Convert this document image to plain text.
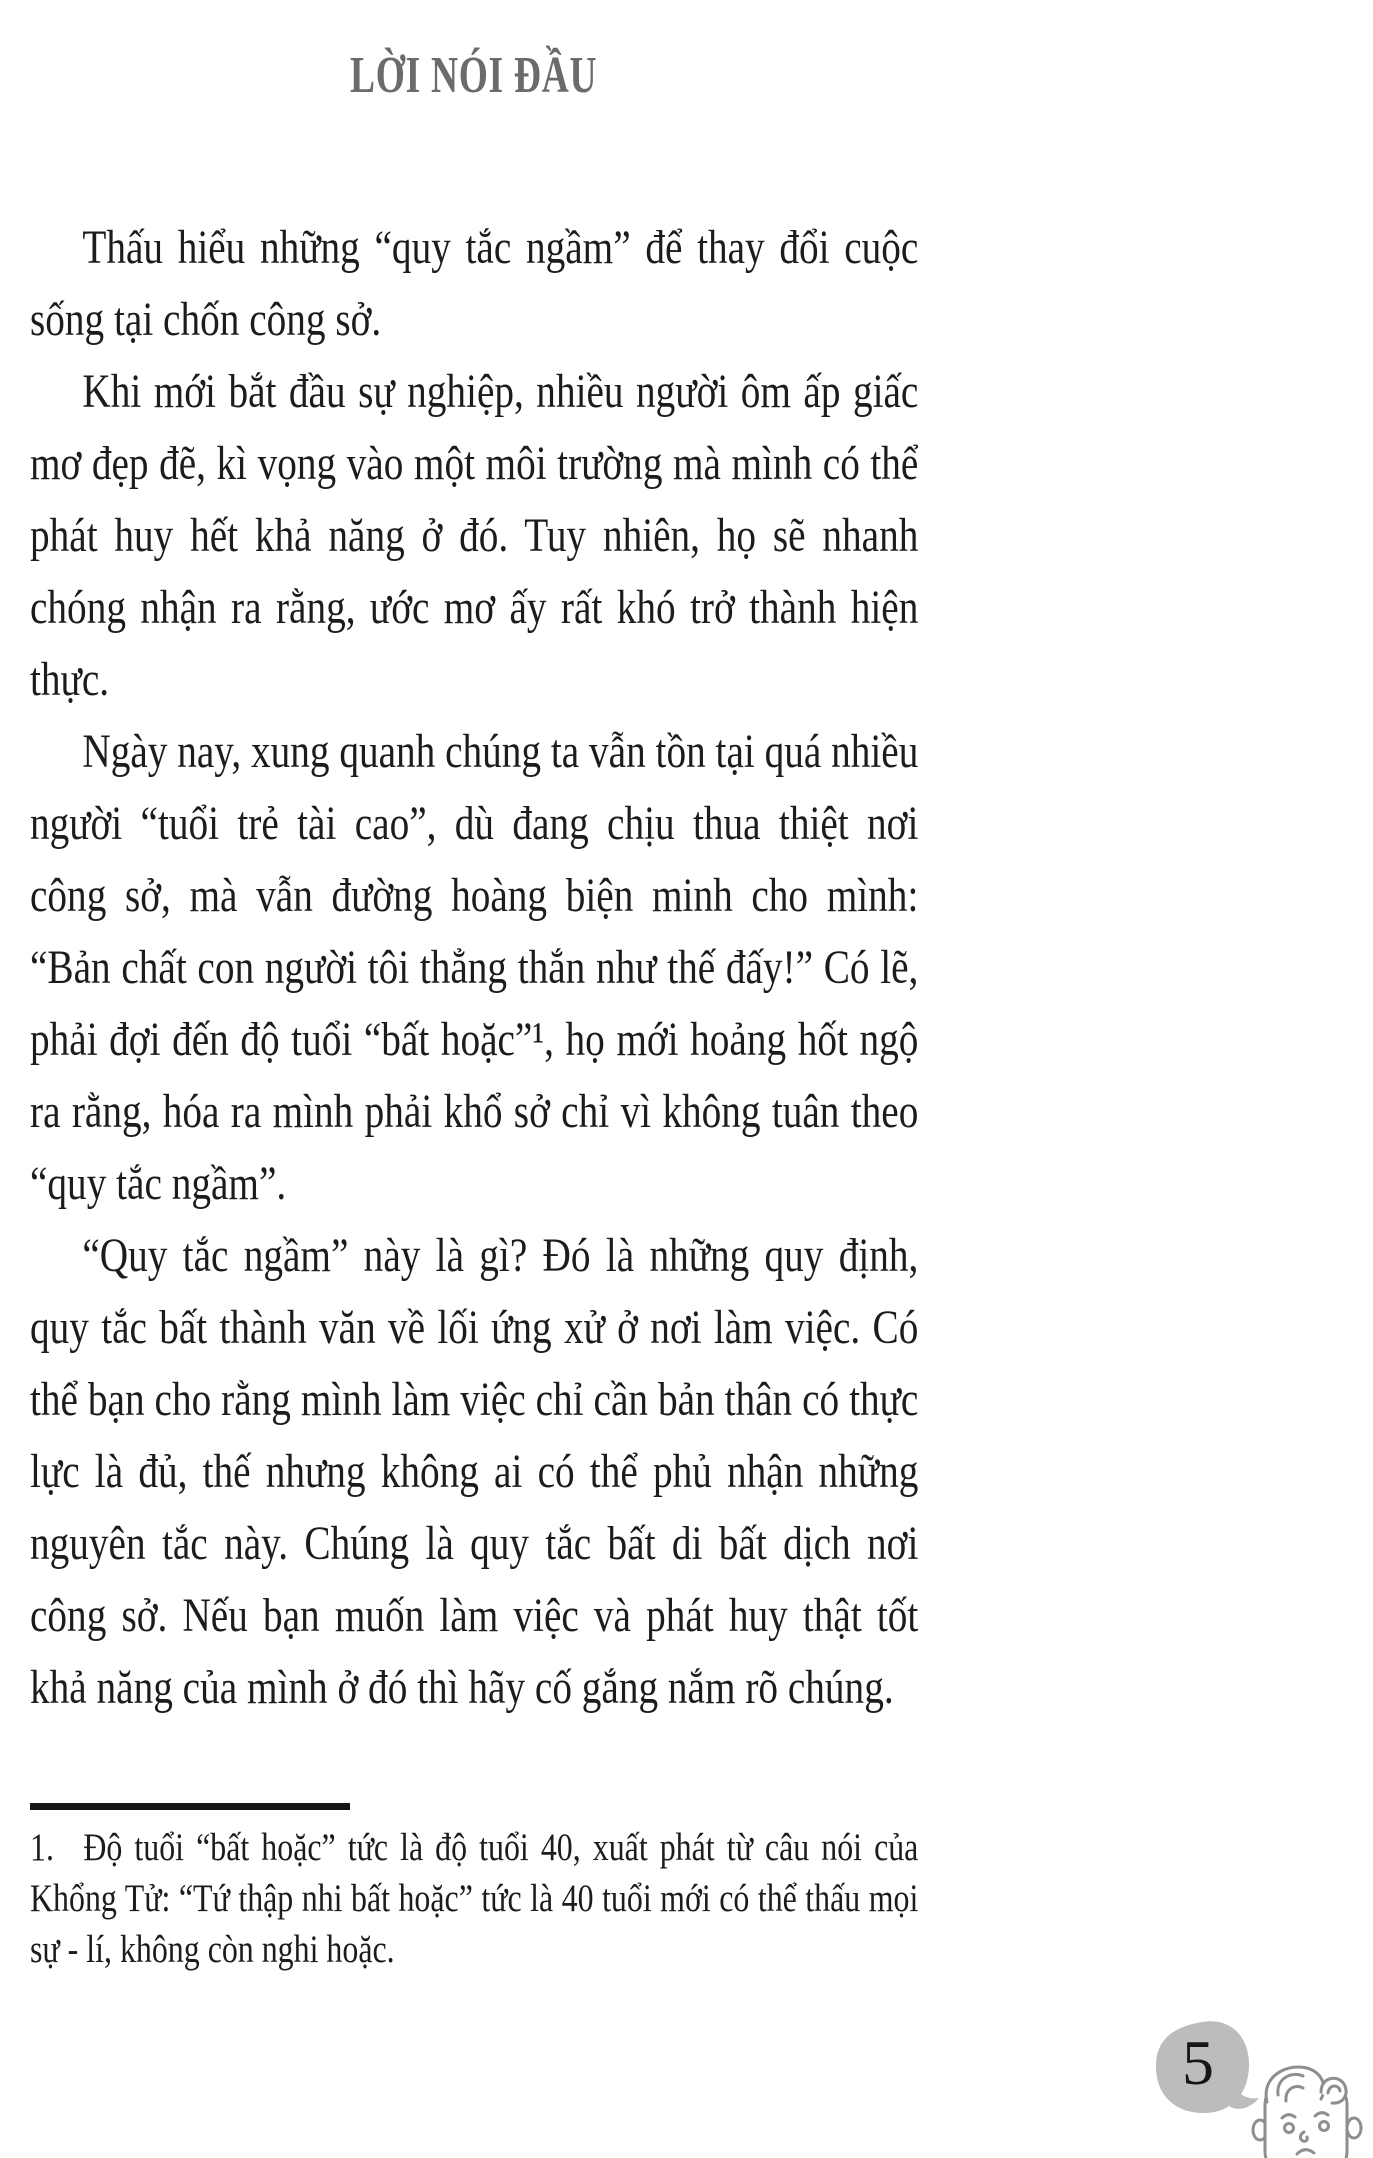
LỜI NÓI ĐẦU

Thấu hiểu những “quy tắc ngầm” để thay đổi cuộc sống tại chốn công sở.

Khi mới bắt đầu sự nghiệp, nhiều người ôm ấp giấc mơ đẹp đẽ, kì vọng vào một môi trường mà mình có thể phát huy hết khả năng ở đó. Tuy nhiên, họ sẽ nhanh chóng nhận ra rằng, ước mơ ấy rất khó trở thành hiện thực.

Ngày nay, xung quanh chúng ta vẫn tồn tại quá nhiều người “tuổi trẻ tài cao”, dù đang chịu thua thiệt nơi công sở, mà vẫn đường hoàng biện minh cho mình: “Bản chất con người tôi thẳng thắn như thế đấy!” Có lẽ, phải đợi đến độ tuổi “bất hoặc”¹, họ mới hoảng hốt ngộ ra rằng, hóa ra mình phải khổ sở chỉ vì không tuân theo “quy tắc ngầm”.

“Quy tắc ngầm” này là gì? Đó là những quy định, quy tắc bất thành văn về lối ứng xử ở nơi làm việc. Có thể bạn cho rằng mình làm việc chỉ cần bản thân có thực lực là đủ, thế nhưng không ai có thể phủ nhận những nguyên tắc này. Chúng là quy tắc bất di bất dịch nơi công sở. Nếu bạn muốn làm việc và phát huy thật tốt khả năng của mình ở đó thì hãy cố gắng nắm rõ chúng.

1. Độ tuổi “bất hoặc” tức là độ tuổi 40, xuất phát từ câu nói của Khổng Tử: “Tứ thập nhi bất hoặc” tức là 40 tuổi mới có thể thấu mọi sự - lí, không còn nghi hoặc.
5
